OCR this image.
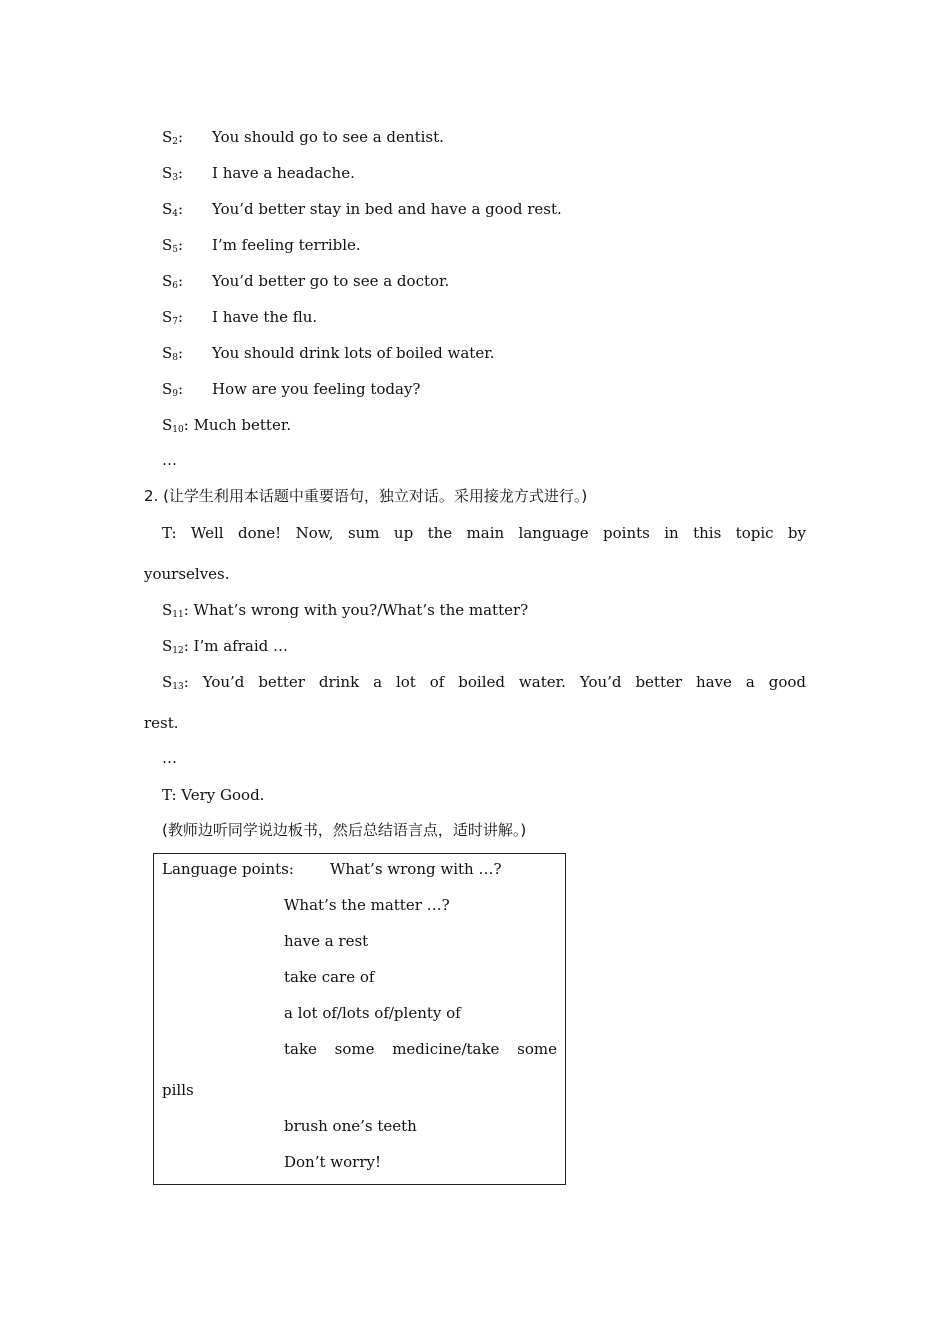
$S_2$: You should go to see a dentist.
$S_3$: I have a headache.
$S_4$: You’d better stay in bed and have a good rest.
$S_5$: I’m feeling terrible.
$S_6$: You’d better go to see a doctor.
$S_7$: I have the flu.
$S_8$: You should drink lots of boiled water.
$S_9$: How are you feeling today?
$S_{10}$: Much better.
…
2. (让学生利用本话题中重要语句，独立对话。采用接龙方式进行。)
T: Well done! Now, sum up the main language points in this topic by
yourselves.
$S_{11}$: What’s wrong with you?/What’s the matter?
$S_{12}$: I’m afraid …
$S_{13}$: You’d better drink a lot of boiled water. You’d better have a good
rest.
…
T: Very Good.
(教师边听同学说边板书，然后总结语言点，适时讲解。)
Language points: What’s wrong with …?
What’s the matter …?
have a rest
take care of
a lot of/lots of/plenty of
take some medicine/take some
pills
brush one’s teeth
Don’t worry!
